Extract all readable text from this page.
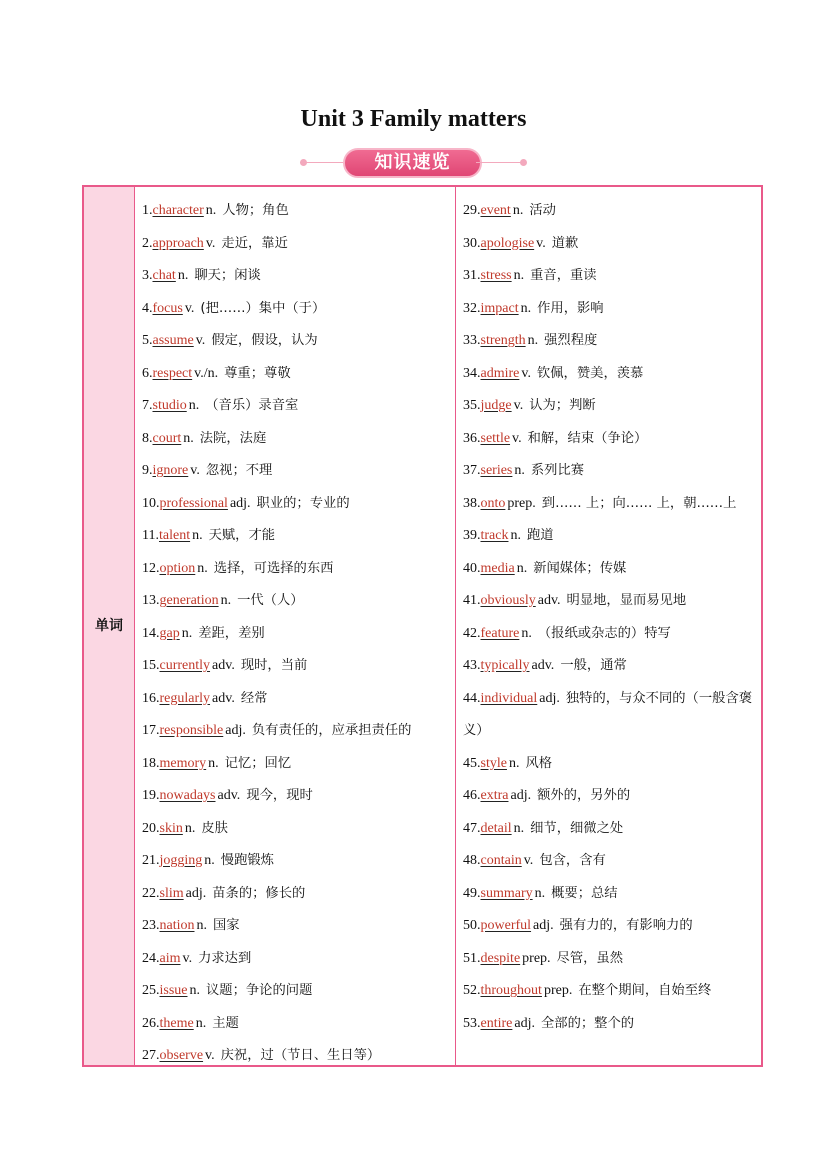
Unit 3 Family matters
知识速览
单词
1.character n. 人物；角色
2.approach v. 走近，靠近
3.chat n. 聊天；闲谈
4.focus v. (把……）集中（于）
5.assume v. 假定，假设，认为
6.respect v./n. 尊重；尊敬
7.studio n. （音乐）录音室
8.court n. 法院，法庭
9.ignore v. 忽视；不理
10.professional adj. 职业的；专业的
11.talent n. 天赋，才能
12.option n. 选择，可选择的东西
13.generation n. 一代（人）
14.gap n. 差距，差别
15.currently adv. 现时，当前
16.regularly adv. 经常
17.responsible adj. 负有责任的，应承担责任的
18.memory n. 记忆；回忆
19.nowadays adv. 现今，现时
20.skin n. 皮肤
21.jogging n. 慢跑锻炼
22.slim adj. 苗条的；修长的
23.nation n. 国家
24.aim v. 力求达到
25.issue n. 议题；争论的问题
26.theme n. 主题
27.observe v. 庆祝，过（节日、生日等）
29.event n. 活动
30.apologise v. 道歉
31.stress n. 重音，重读
32.impact n. 作用，影响
33.strength n. 强烈程度
34.admire v. 钦佩，赞美，羡慕
35.judge v. 认为；判断
36.settle v. 和解，结束（争论）
37.series n. 系列比赛
38.onto prep. 到…… 上；向…… 上，朝……上
39.track n. 跑道
40.media n. 新闻媒体；传媒
41.obviously adv. 明显地，显而易见地
42.feature n. （报纸或杂志的）特写
43.typically adv. 一般，通常
44.individual adj. 独特的，与众不同的（一般含褒义）
45.style n. 风格
46.extra adj. 额外的，另外的
47.detail n. 细节，细微之处
48.contain v. 包含，含有
49.summary n. 概要；总结
50.powerful adj. 强有力的，有影响力的
51.despite prep. 尽管，虽然
52.throughout prep. 在整个期间，自始至终
53.entire adj. 全部的；整个的
